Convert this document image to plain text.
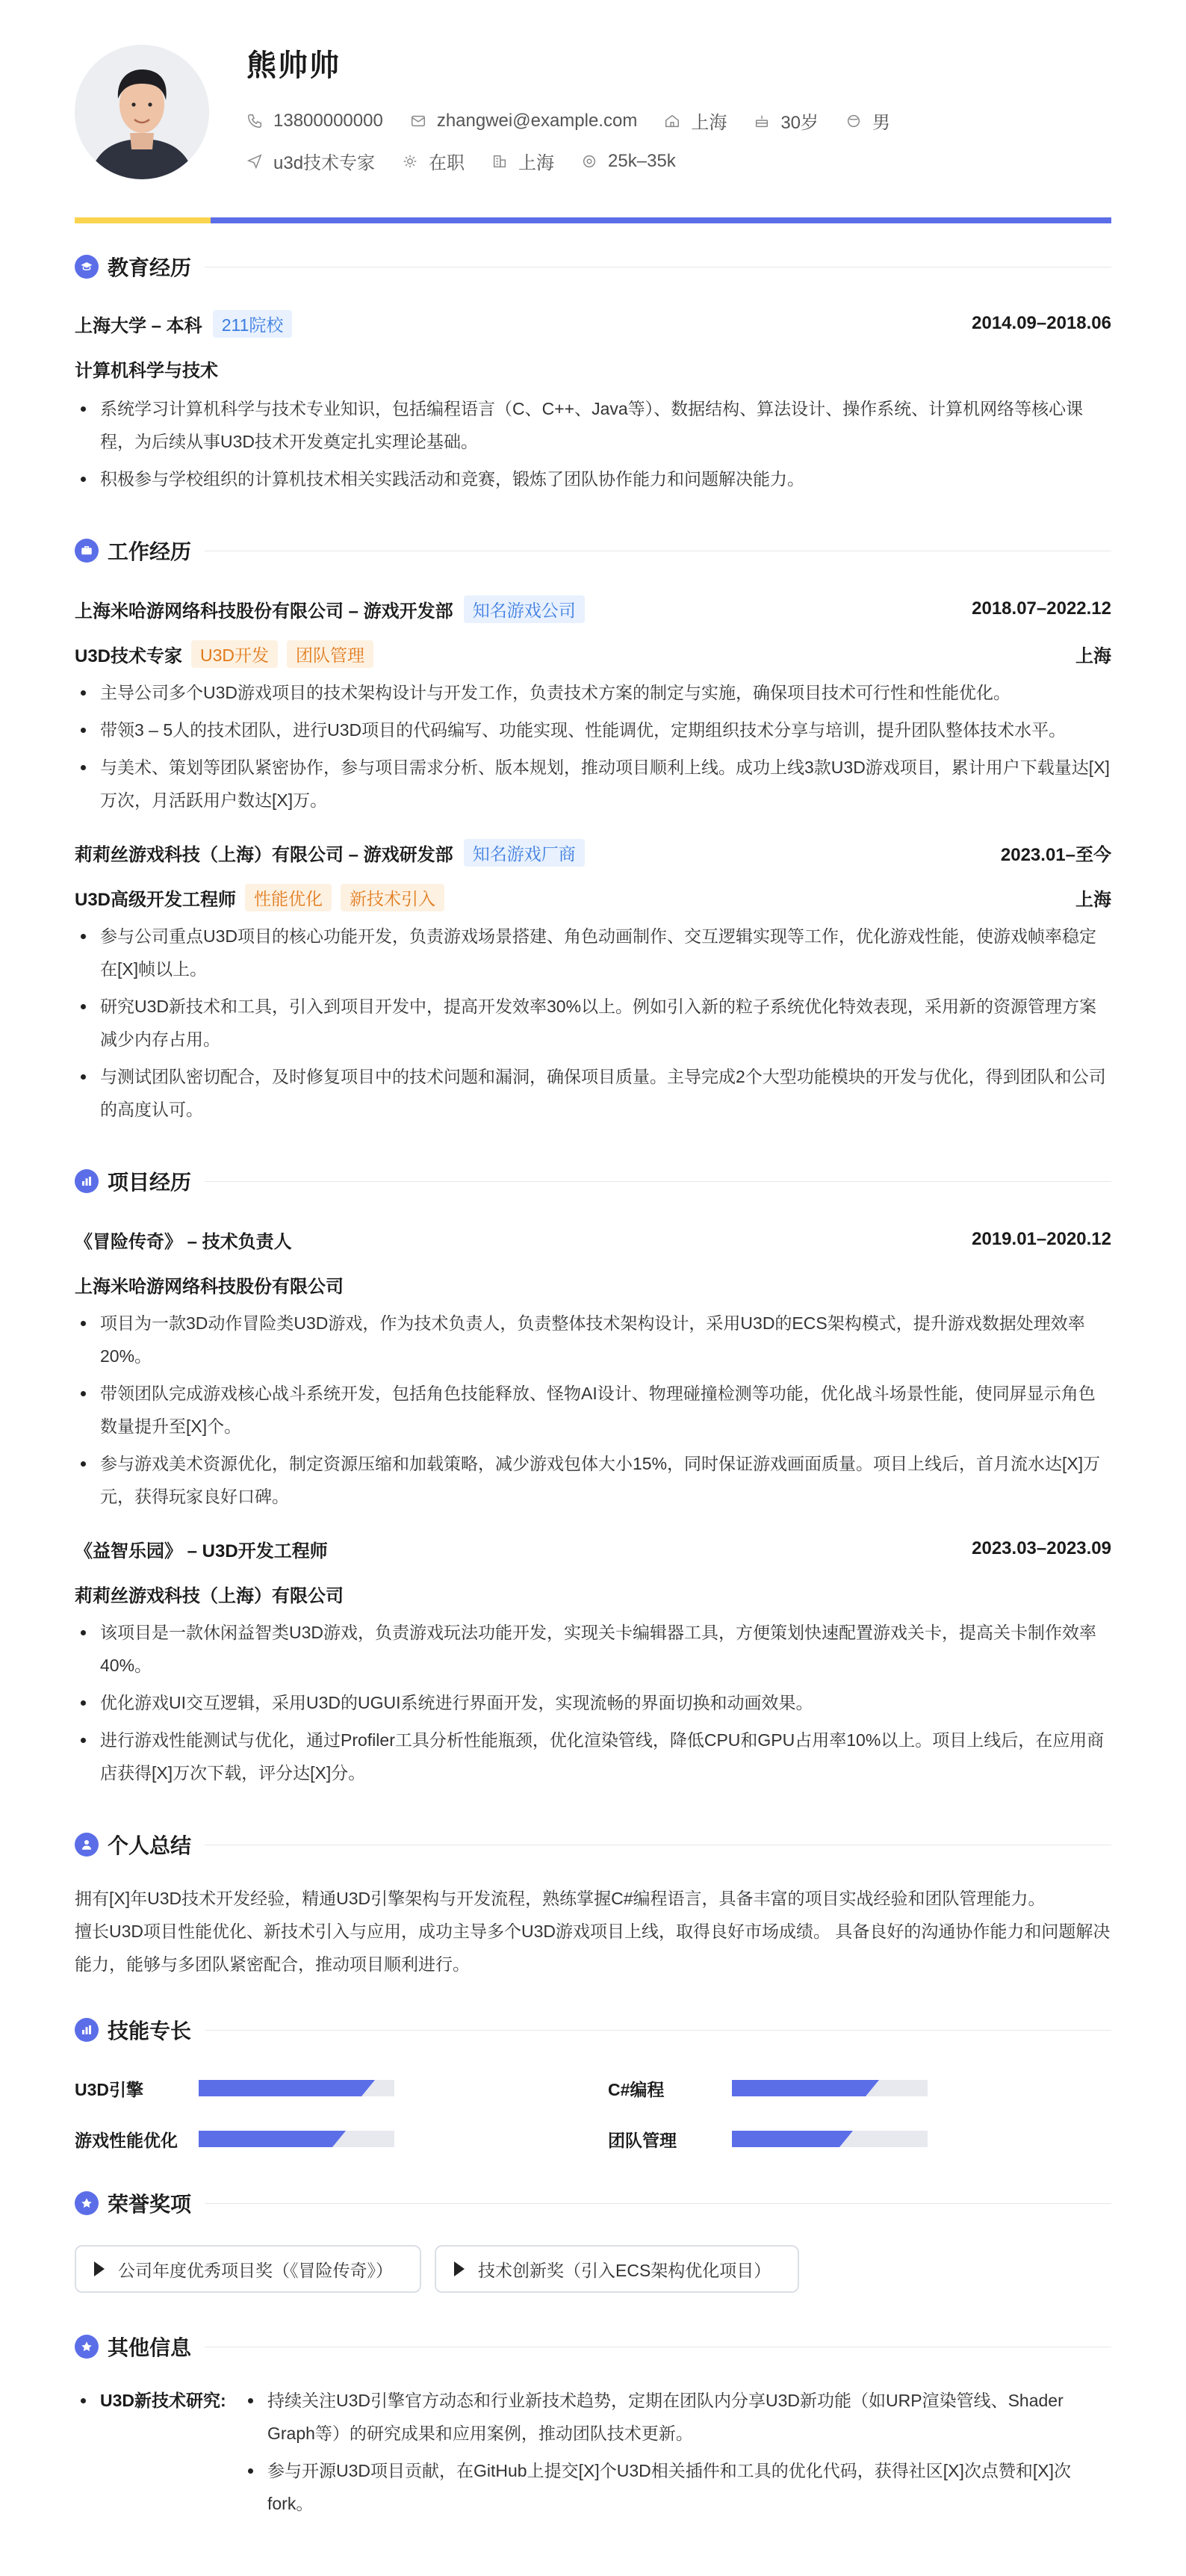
熊帅帅
13800000000	zhangwei@example.com	上海	30岁	男
u3d技术专家	在职	上海	25k–35k
教育经历
上海大学 – 本科	211院校	2014.09–2018.06
计算机科学与技术
系统学习计算机科学与技术专业知识，包括编程语言（C、C++、Java等）、数据结构、算法设计、操作系统、计算机网络等核心课程，为后续从事U3D技术开发奠定扎实理论基础。
积极参与学校组织的计算机技术相关实践活动和竞赛，锻炼了团队协作能力和问题解决能力。
工作经历
上海米哈游网络科技股份有限公司 – 游戏开发部	知名游戏公司	2018.07–2022.12
U3D技术专家	U3D开发	团队管理	上海
主导公司多个U3D游戏项目的技术架构设计与开发工作，负责技术方案的制定与实施，确保项目技术可行性和性能优化。
带领3 – 5人的技术团队，进行U3D项目的代码编写、功能实现、性能调优，定期组织技术分享与培训，提升团队整体技术水平。
与美术、策划等团队紧密协作，参与项目需求分析、版本规划，推动项目顺利上线。成功上线3款U3D游戏项目，累计用户下载量达[X]万次，月活跃用户数达[X]万。
莉莉丝游戏科技（上海）有限公司 – 游戏研发部	知名游戏厂商	2023.01–至今
U3D高级开发工程师	性能优化	新技术引入	上海
参与公司重点U3D项目的核心功能开发，负责游戏场景搭建、角色动画制作、交互逻辑实现等工作，优化游戏性能，使游戏帧率稳定在[X]帧以上。
研究U3D新技术和工具，引入到项目开发中，提高开发效率30%以上。例如引入新的粒子系统优化特效表现，采用新的资源管理方案减少内存占用。
与测试团队密切配合，及时修复项目中的技术问题和漏洞，确保项目质量。主导完成2个大型功能模块的开发与优化，得到团队和公司的高度认可。
项目经历
《冒险传奇》 – 技术负责人	2019.01–2020.12
上海米哈游网络科技股份有限公司
项目为一款3D动作冒险类U3D游戏，作为技术负责人，负责整体技术架构设计，采用U3D的ECS架构模式，提升游戏数据处理效率20%。
带领团队完成游戏核心战斗系统开发，包括角色技能释放、怪物AI设计、物理碰撞检测等功能，优化战斗场景性能，使同屏显示角色数量提升至[X]个。
参与游戏美术资源优化，制定资源压缩和加载策略，减少游戏包体大小15%，同时保证游戏画面质量。项目上线后，首月流水达[X]万元，获得玩家良好口碑。
《益智乐园》 – U3D开发工程师	2023.03–2023.09
莉莉丝游戏科技（上海）有限公司
该项目是一款休闲益智类U3D游戏，负责游戏玩法功能开发，实现关卡编辑器工具，方便策划快速配置游戏关卡，提高关卡制作效率40%。
优化游戏UI交互逻辑，采用U3D的UGUI系统进行界面开发，实现流畅的界面切换和动画效果。
进行游戏性能测试与优化，通过Profiler工具分析性能瓶颈，优化渲染管线，降低CPU和GPU占用率10%以上。项目上线后，在应用商店获得[X]万次下载，评分达[X]分。
个人总结
拥有[X]年U3D技术开发经验，精通U3D引擎架构与开发流程，熟练掌握C#编程语言，具备丰富的项目实战经验和团队管理能力。
擅长U3D项目性能优化、新技术引入与应用，成功主导多个U3D游戏项目上线，取得良好市场成绩。 具备良好的沟通协作能力和问题解决能力，能够与多团队紧密配合，推动项目顺利进行。
技能专长
U3D引擎	C#编程
游戏性能优化	团队管理
荣誉奖项
公司年度优秀项目奖（《冒险传奇》）	技术创新奖（引入ECS架构优化项目）
其他信息
U3D新技术研究:	持续关注U3D引擎官方动态和行业新技术趋势，定期在团队内分享U3D新功能（如URP渲染管线、Shader Graph等）的研究成果和应用案例，推动团队技术更新。
参与开源U3D项目贡献，在GitHub上提交[X]个U3D相关插件和工具的优化代码，获得社区[X]次点赞和[X]次fork。
